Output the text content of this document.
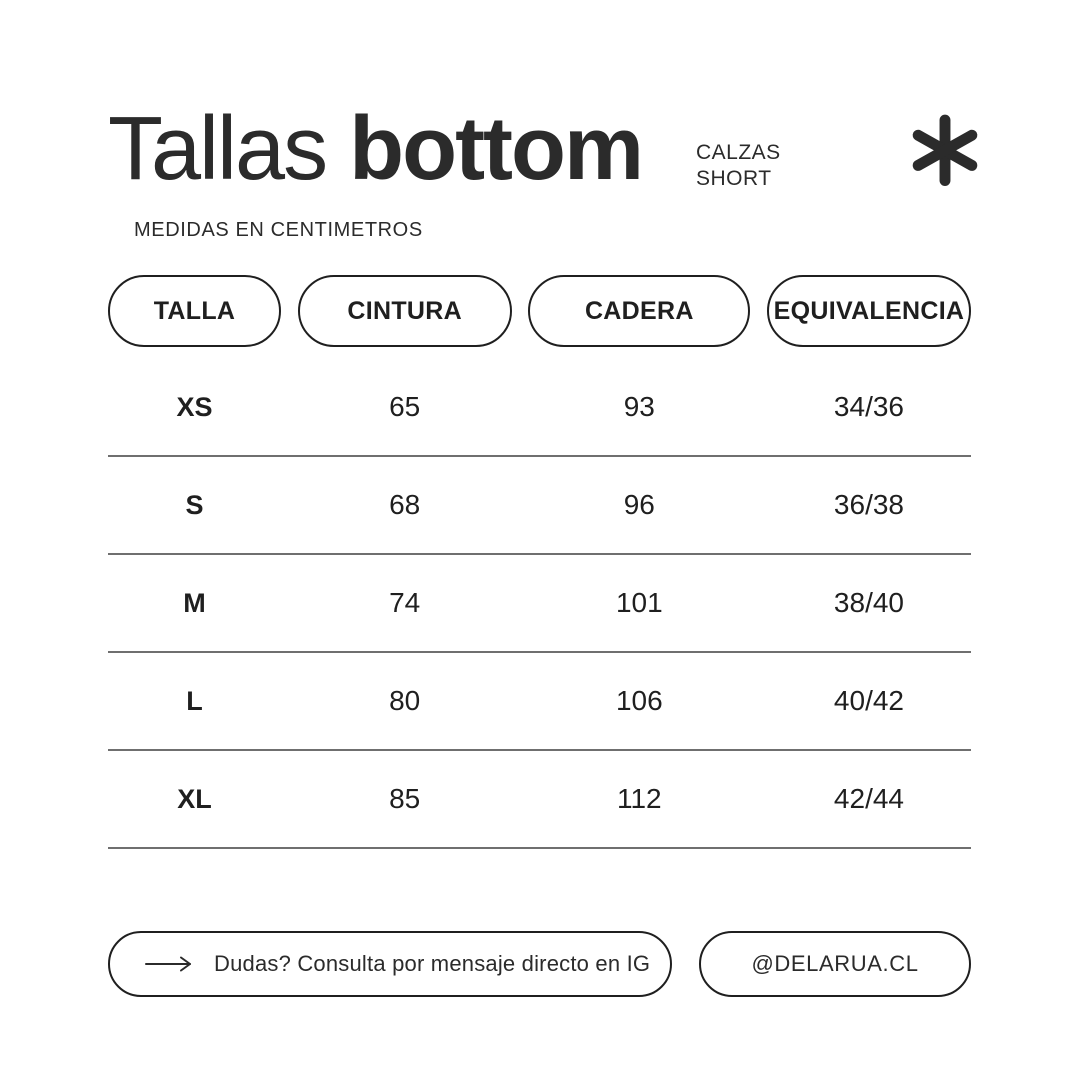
Tallas bottom	CALZAS
SHORT
MEDIDAS EN CENTIMETROS
TALLA	CINTURA	CADERA	EQUIVALENCIA
XS	65	93	34/36
S	68	96	36/38
M	74	101	38/40
L	80	106	40/42
XL	85	112	42/44
Dudas? Consulta por mensaje directo en IG	@DELARUA.CL
